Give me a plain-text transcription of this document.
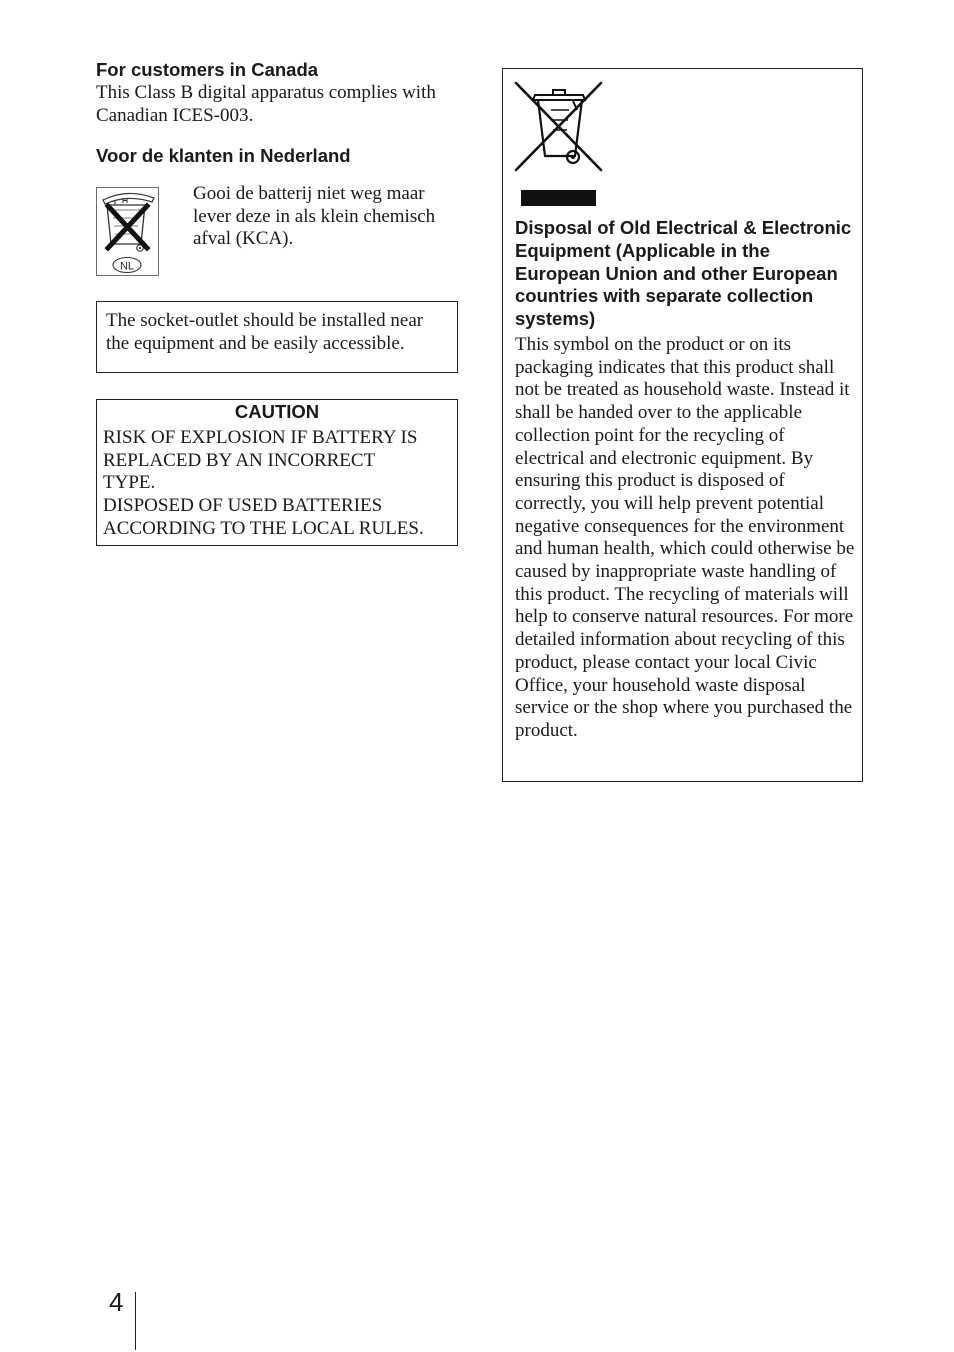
For customers in Canada

This Class B digital apparatus complies with Canadian ICES-003.

Voor de klanten in Nederland

NL

Gooi de batterij niet weg maar lever deze in als klein chemisch afval (KCA).

The socket-outlet should be installed near the equipment and be easily accessible.

CAUTION
RISK OF EXPLOSION IF BATTERY IS
REPLACED BY AN INCORRECT
TYPE.
DISPOSED OF USED BATTERIES
ACCORDING TO THE LOCAL RULES.

Disposal of Old Electrical & Electronic Equipment (Applicable in the European Union and other European countries with separate collection systems)

This symbol on the product or on its packaging indicates that this product shall not be treated as household waste. Instead it shall be handed over to the applicable collection point for the recycling of electrical and electronic equipment. By ensuring this product is disposed of correctly, you will help prevent potential negative consequences for the environment and human health, which could otherwise be caused by inappropriate waste handling of this product. The recycling of materials will help to conserve natural resources. For more detailed information about recycling of this product, please contact your local Civic Office, your household waste disposal service or the shop where you purchased the product.

4
